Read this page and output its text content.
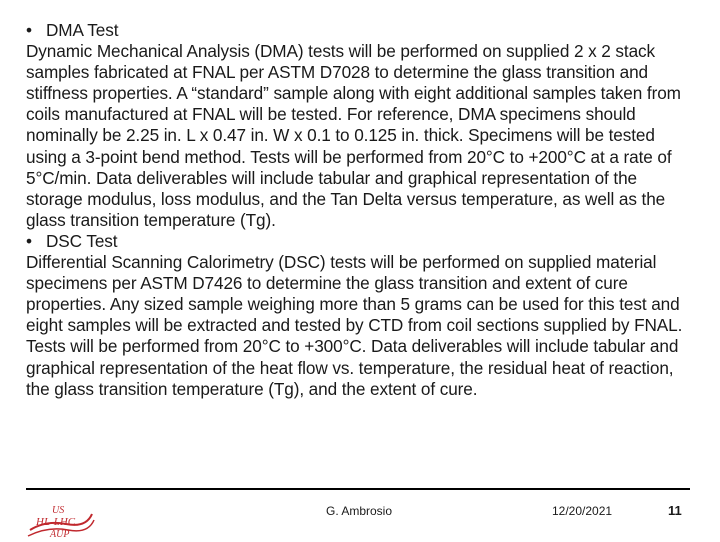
• DMA Test

Dynamic Mechanical Analysis (DMA) tests will be performed on supplied 2 x 2 stack samples fabricated at FNAL per ASTM D7028 to determine the glass transition and stiffness properties. A “standard” sample along with eight additional samples taken from coils manufactured at FNAL will be tested. For reference, DMA specimens should nominally be 2.25 in. L x 0.47 in. W x 0.1 to 0.125 in. thick. Specimens will be tested using a 3-point bend method. Tests will be performed from 20°C to +200°C at a rate of 5°C/min. Data deliverables will include tabular and graphical representation of the storage modulus, loss modulus, and the Tan Delta versus temperature, as well as the glass transition temperature (Tg).

• DSC Test

Differential Scanning Calorimetry (DSC) tests will be performed on supplied material specimens per ASTM D7426 to determine the glass transition and extent of cure properties. Any sized sample weighing more than 5 grams can be used for this test and eight samples will be extracted and tested by CTD from coil sections supplied by FNAL. Tests will be performed from 20°C to +300°C. Data deliverables will include tabular and graphical representation of the heat flow vs. temperature, the residual heat of reaction, the glass transition temperature (Tg), and the extent of cure.

US
HL-LHC
AUP
G. Ambrosio	12/20/2021	11
